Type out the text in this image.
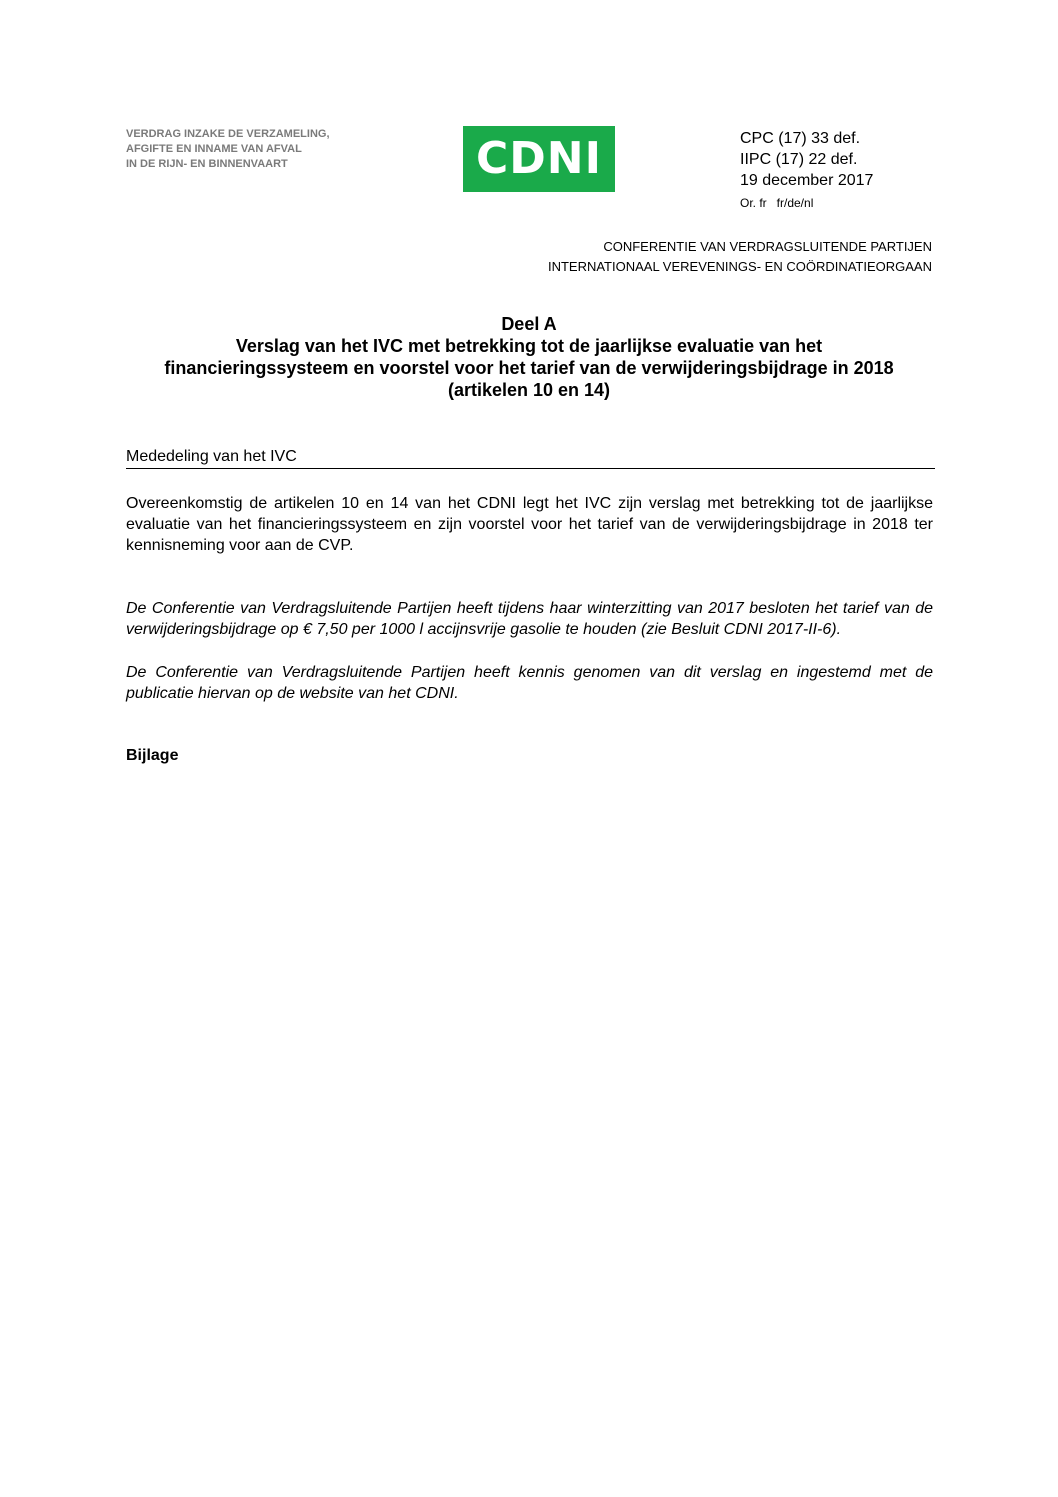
VERDRAG INZAKE DE VERZAMELING,
AFGIFTE EN INNAME VAN AFVAL
IN DE RIJN- EN BINNENVAART	CDNI	CPC (17) 33 def.
IIPC (17) 22 def.
19 december 2017
Or. fr   fr/de/nl
CONFERENTIE VAN VERDRAGSLUITENDE PARTIJEN
INTERNATIONAAL VEREVENINGS- EN COÖRDINATIEORGAAN
Deel A
Verslag van het IVC met betrekking tot de jaarlijkse evaluatie van het
financieringssysteem en voorstel voor het tarief van de verwijderingsbijdrage in 2018
(artikelen 10 en 14)
Mededeling van het IVC
Overeenkomstig de artikelen 10 en 14 van het CDNI legt het IVC zijn verslag met betrekking tot de jaarlijkse evaluatie van het financieringssysteem en zijn voorstel voor het tarief van de verwijderingsbijdrage in 2018 ter kennisneming voor aan de CVP.
De Conferentie van Verdragsluitende Partijen heeft tijdens haar winterzitting van 2017 besloten het tarief van de verwijderingsbijdrage op € 7,50 per 1000 l accijnsvrije gasolie te houden (zie Besluit CDNI 2017-II-6).
De Conferentie van Verdragsluitende Partijen heeft kennis genomen van dit verslag en ingestemd met de publicatie hiervan op de website van het CDNI.
Bijlage
